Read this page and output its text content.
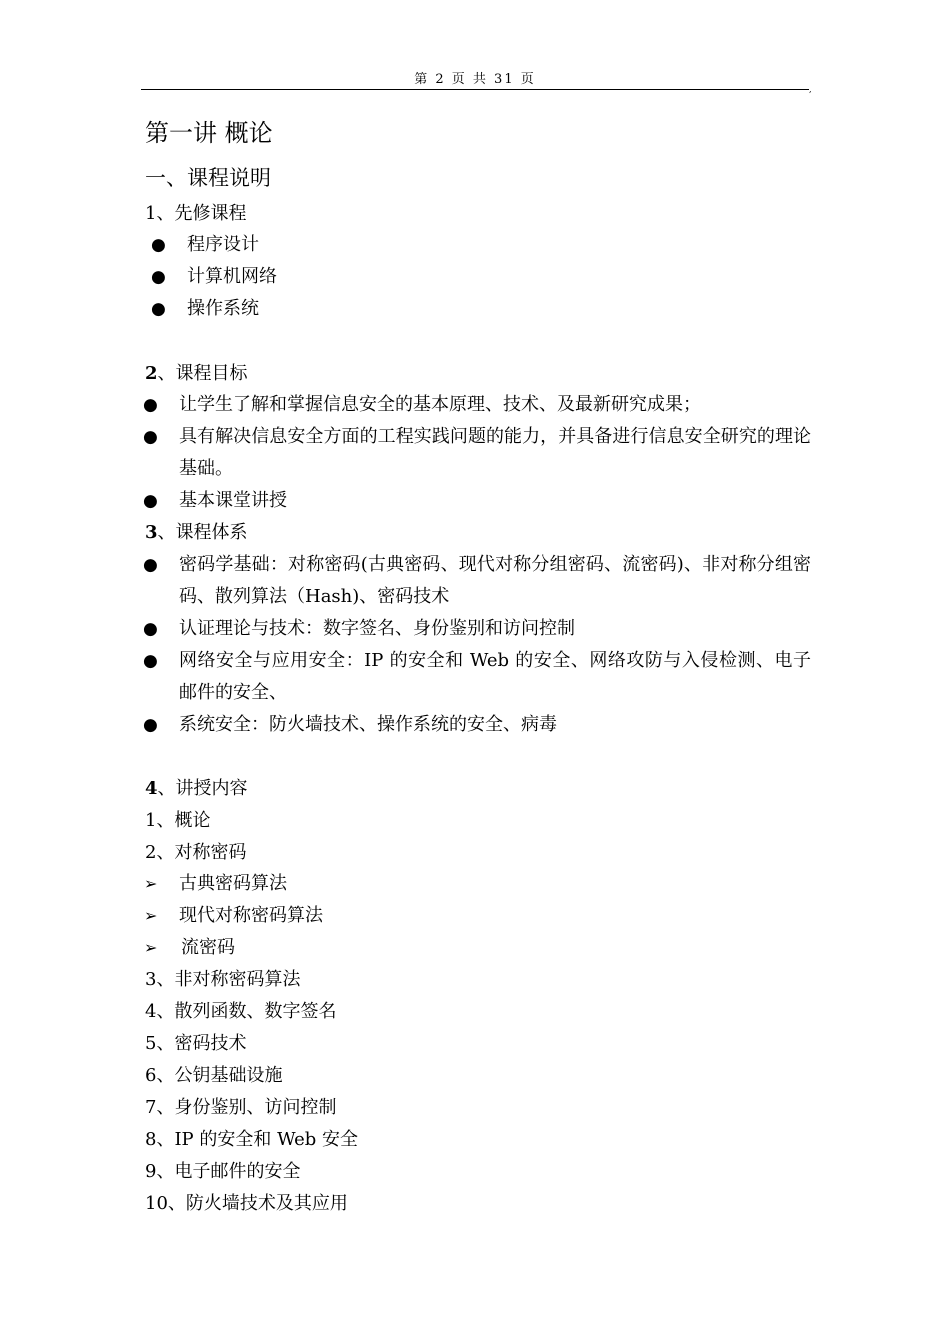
第 2 页 共 31 页
,
第一讲 概论
一、课程说明
1、先修课程
● 程序设计
● 计算机网络
● 操作系统
2、课程目标
● 让学生了解和掌握信息安全的基本原理、技术、及最新研究成果；
● 具有解决信息安全方面的工程实践问题的能力，并具备进行信息安全研究的理论基础。
● 基本课堂讲授
3、课程体系
● 密码学基础：对称密码(古典密码、现代对称分组密码、流密码)、非对称分组密码、散列算法（Hash)、密码技术
● 认证理论与技术：数字签名、身份鉴别和访问控制
● 网络安全与应用安全：IP 的安全和 Web 的安全、网络攻防与入侵检测、电子邮件的安全、
● 系统安全：防火墙技术、操作系统的安全、病毒
4、讲授内容
1、概论
2、对称密码
➢ 古典密码算法
➢ 现代对称密码算法
➢ 流密码
3、非对称密码算法
4、散列函数、数字签名
5、密码技术
6、公钥基础设施
7、身份鉴别、访问控制
8、IP 的安全和 Web 安全
9、电子邮件的安全
10、防火墙技术及其应用
